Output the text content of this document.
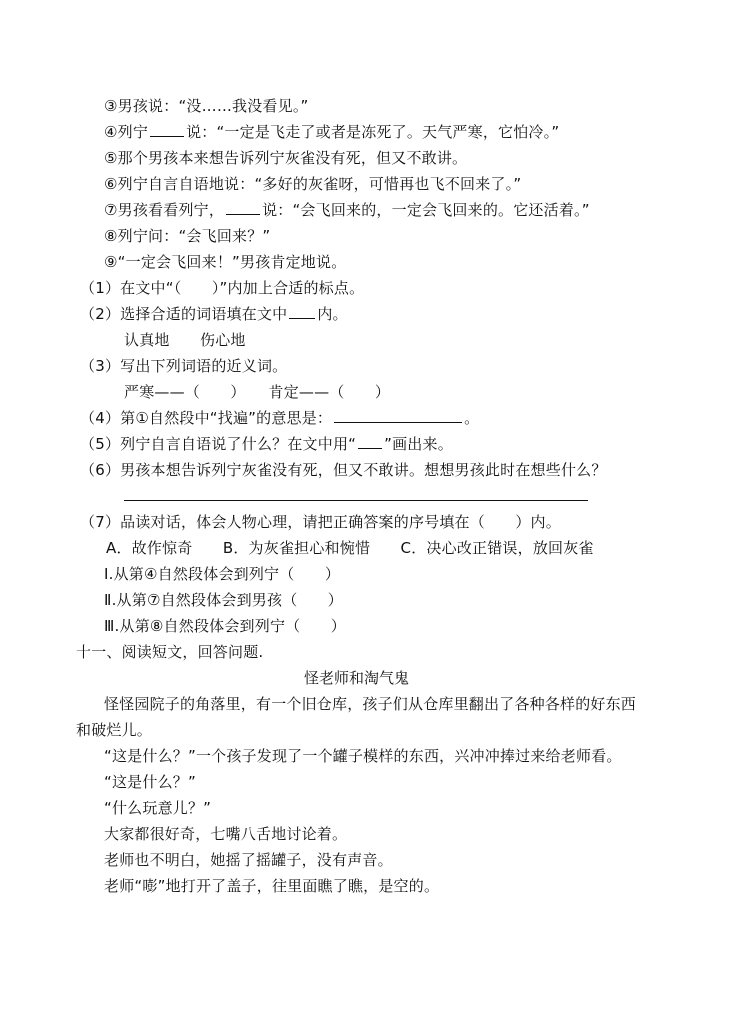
③男孩说：“没……我没看见。”
④列宁	说：“一定是飞走了或者是冻死了。天气严寒，它怕冷。”
⑤那个男孩本来想告诉列宁灰雀没有死，但又不敢讲。
⑥列宁自言自语地说：“多好的灰雀呀，可惜再也飞不回来了。”
⑦男孩看看列宁，	说：“会飞回来的，一定会飞回来的。它还活着。”
⑧列宁问：“会飞回来？”
⑨“一定会飞回来！”男孩肯定地说。
（1）在文中“（　　）”内加上合适的标点。
（2）选择合适的词语填在文中 内。
认真地　　伤心地
（3）写出下列词语的近义词。
严寒——（　　）　　肯定——（　　）
（4）第①自然段中“找遍”的意思是：	。
（5）列宁自言自语说了什么？在文中用“ ”画出来。
（6）男孩本想告诉列宁灰雀没有死，但又不敢讲。想想男孩此时在想些什么？
（7）品读对话，体会人物心理，请把正确答案的序号填在（　　）内。
A．故作惊奇　　B．为灰雀担心和惋惜　　C．决心改正错误，放回灰雀
Ⅰ.从第④自然段体会到列宁（　　）
Ⅱ.从第⑦自然段体会到男孩（　　）
Ⅲ.从第⑧自然段体会到列宁（　　）
十一、阅读短文，回答问题.
怪老师和淘气鬼
怪怪园院子的角落里，有一个旧仓库，孩子们从仓库里翻出了各种各样的好东西
和破烂儿。
“这是什么？”一个孩子发现了一个罐子模样的东西，兴冲冲捧过来给老师看。
“这是什么？”
“什么玩意儿？”
大家都很好奇，七嘴八舌地讨论着。
老师也不明白，她摇了摇罐子，没有声音。
老师“嘭”地打开了盖子，往里面瞧了瞧，是空的。
